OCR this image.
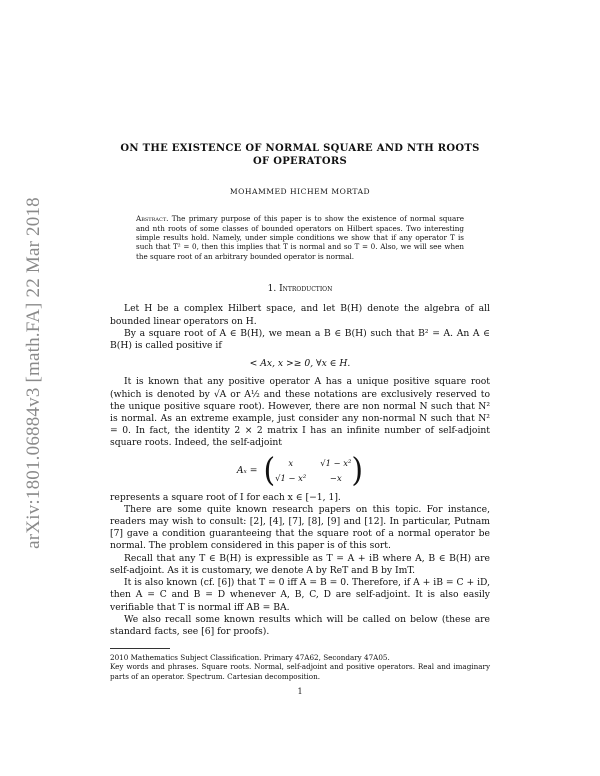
arXiv:1801.06884v3 [math.FA] 22 Mar 2018
ON THE EXISTENCE OF NORMAL SQUARE AND NTH ROOTS
OF OPERATORS
MOHAMMED HICHEM MORTAD
Abstract. The primary purpose of this paper is to show the existence of normal square and nth roots of some classes of bounded operators on Hilbert spaces. Two interesting simple results hold. Namely, under simple conditions we show that if any operator T is such that T² = 0, then this implies that T is normal and so T = 0. Also, we will see when the square root of an arbitrary bounded operator is normal.
1. Introduction

Let H be a complex Hilbert space, and let B(H) denote the algebra of all bounded linear operators on H.

By a square root of A ∈ B(H), we mean a B ∈ B(H) such that B² = A. An A ∈ B(H) is called positive if

< Ax, x >≥ 0, ∀x ∈ H.

It is known that any positive operator A has a unique positive square root (which is denoted by √A or A½ and these notations are exclusively reserved to the unique positive square root). However, there are non normal N such that N² is normal. As an extreme example, just consider any non-normal N such that N² = 0. In fact, the identity 2 × 2 matrix I has an infinite number of self-adjoint square roots. Indeed, the self-adjoint

Aₓ = (	x	√1 − x²
√1 − x²	−x )

represents a square root of I for each x ∈ [−1, 1].

There are some quite known research papers on this topic. For instance, readers may wish to consult: [2], [4], [7], [8], [9] and [12]. In particular, Putnam [7] gave a condition guaranteeing that the square root of a normal operator be normal. The problem considered in this paper is of this sort.

Recall that any T ∈ B(H) is expressible as T = A + iB where A, B ∈ B(H) are self-adjoint. As it is customary, we denote A by ReT and B by ImT.

It is also known (cf. [6]) that T = 0 iff A = B = 0. Therefore, if A + iB = C + iD, then A = C and B = D whenever A, B, C, D are self-adjoint. It is also easily verifiable that T is normal iff AB = BA.

We also recall some known results which will be called on below (these are standard facts, see [6] for proofs).

2010 Mathematics Subject Classification. Primary 47A62, Secondary 47A05.
Key words and phrases. Square roots. Normal, self-adjoint and positive operators. Real and imaginary parts of an operator. Spectrum. Cartesian decomposition.
1
